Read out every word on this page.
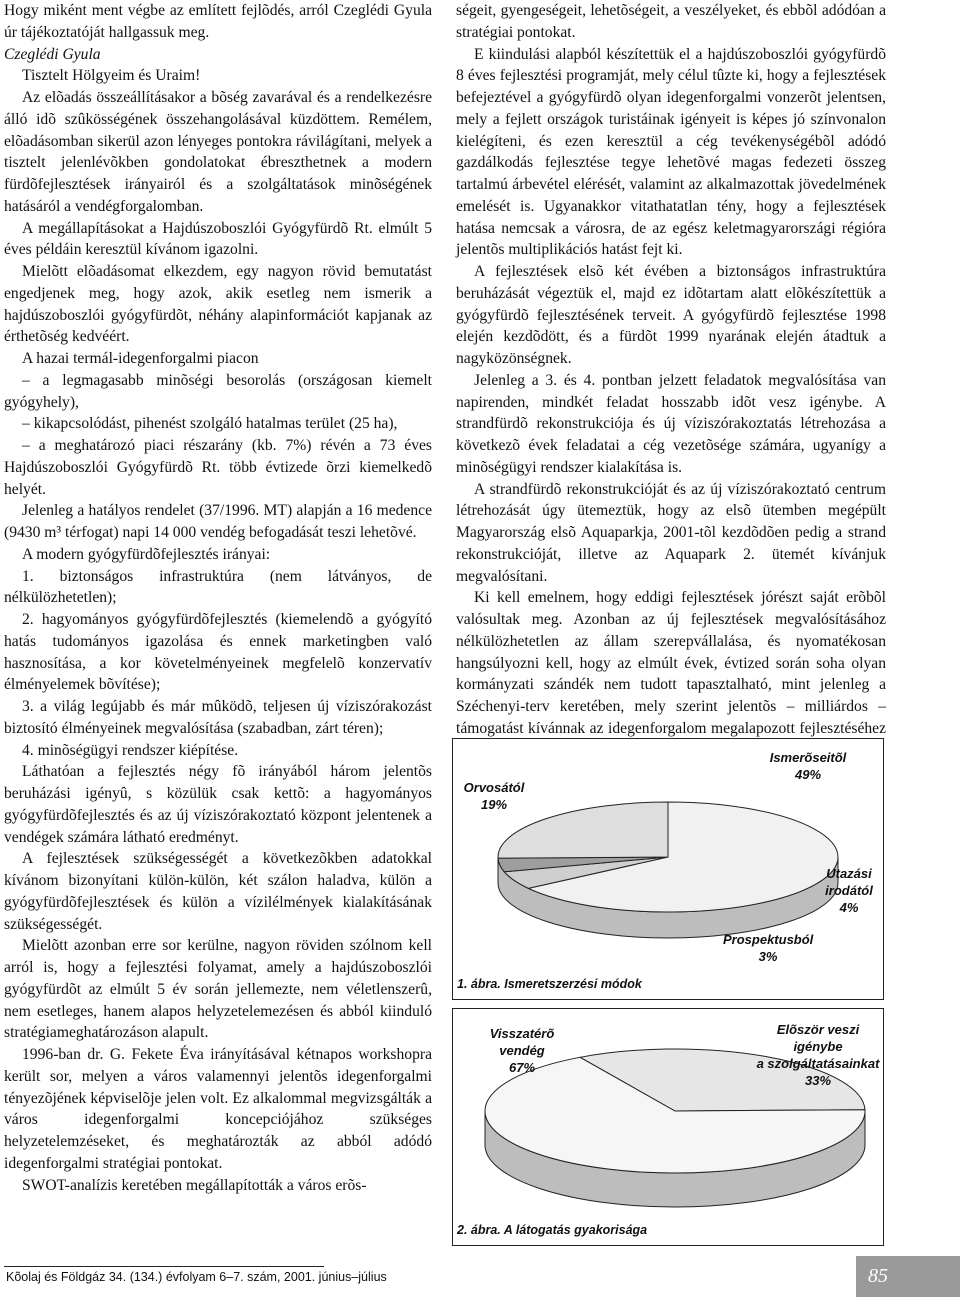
Hogy miként ment végbe az említett fejlõdés, arról Czeglédi Gyula úr tájékoztatóját hallgassuk meg.

Czeglédi Gyula

Tisztelt Hölgyeim és Uraim!

Az elõadás összeállításakor a bõség zavarával és a rendelkezésre álló idõ szûkösségének összehangolásával küzdöttem. Remélem, elõadásomban sikerül azon lényeges pontokra rávilágítani, melyek a tisztelt jelenlévõkben gondolatokat ébreszthetnek a modern fürdõfejlesztések irányairól és a szolgáltatások minõségének hatásáról a vendégforgalomban.

A megállapításokat a Hajdúszoboszlói Gyógyfürdõ Rt. elmúlt 5 éves példáin keresztül kívánom igazolni.

Mielõtt elõadásomat elkezdem, egy nagyon rövid bemutatást engedjenek meg, hogy azok, akik esetleg nem ismerik a hajdúszoboszlói gyógyfürdõt, néhány alapinformációt kapjanak az érthetõség kedvéért.

A hazai termál-idegenforgalmi piacon

– a legmagasabb minõségi besorolás (országosan kiemelt gyógyhely),

– kikapcsolódást, pihenést szolgáló hatalmas terület (25 ha),

– a meghatározó piaci részarány (kb. 7%) révén a 73 éves Hajdúszoboszlói Gyógyfürdõ Rt. több évtizede õrzi kiemelkedõ helyét.

Jelenleg a hatályos rendelet (37/1996. MT) alapján a 16 medence (9430 m³ térfogat) napi 14 000 vendég befogadását teszi lehetõvé.

A modern gyógyfürdõfejlesztés irányai:

1. biztonságos infrastruktúra (nem látványos, de nélkülözhetetlen);

2. hagyományos gyógyfürdõfejlesztés (kiemelendõ a gyógyító hatás tudományos igazolása és ennek marketingben való hasznosítása, a kor követelményeinek megfelelõ konzervatív élményelemek bõvítése);

3. a világ legújabb és már mûködõ, teljesen új víziszórakozást biztosító élményeinek megvalósítása (szabadban, zárt téren);

4. minõségügyi rendszer kiépítése.

Láthatóan a fejlesztés négy fõ irányából három jelentõs beruházási igényû, s közülük csak kettõ: a hagyományos gyógyfürdõfejlesztés és az új víziszórakoztató központ jelentenek a vendégek számára látható eredményt.

A fejlesztések szükségességét a következõkben adatokkal kívánom bizonyítani külön-külön, két szálon haladva, külön a gyógyfürdõfejlesztések és külön a vízilélmények kialakításának szükségességét.

Mielõtt azonban erre sor kerülne, nagyon röviden szólnom kell arról is, hogy a fejlesztési folyamat, amely a hajdúszoboszlói gyógyfürdõt az elmúlt 5 év során jellemezte, nem véletlenszerû, nem esetleges, hanem alapos helyzetelemezésen és abból kiinduló stratégiameghatározáson alapult.

1996-ban dr. G. Fekete Éva irányításával kétnapos workshopra került sor, melyen a város valamennyi jelentõs idegenforgalmi tényezõjének képviselõje jelen volt. Ez alkalommal megvizsgálták a város idegenforgalmi koncepciójához szükséges helyzetelemzéseket, és meghatározták az abból adódó idegenforgalmi stratégiai pontokat.

SWOT-analízis keretében megállapították a város erõs-

ségeit, gyengeségeit, lehetõségeit, a veszélyeket, és ebbõl adódóan a stratégiai pontokat.

E kiindulási alapból készítettük el a hajdúszoboszlói gyógyfürdõ 8 éves fejlesztési programját, mely célul tûzte ki, hogy a fejlesztések befejeztével a gyógyfürdõ olyan idegenforgalmi vonzerõt jelentsen, mely a fejlett országok turistáinak igényeit is képes jó színvonalon kielégíteni, és ezen keresztül a cég tevékenységébõl adódó gazdálkodás fejlesztése tegye lehetõvé magas fedezeti összeg tartalmú árbevétel elérését, valamint az alkalmazottak jövedelmének emelését is. Ugyanakkor vitathatatlan tény, hogy a fejlesztések hatása nemcsak a városra, de az egész keletmagyarországi régióra jelentõs multiplikációs hatást fejt ki.

A fejlesztések elsõ két évében a biztonságos infrastruktúra beruházását végeztük el, majd ez idõtartam alatt elõkészítettük a gyógyfürdõ fejlesztésének terveit. A gyógyfürdõ fejlesztése 1998 elején kezdõdött, és a fürdõt 1999 nyarának elején átadtuk a nagyközönségnek.

Jelenleg a 3. és 4. pontban jelzett feladatok megvalósítása van napirenden, mindkét feladat hosszabb idõt vesz igénybe. A strandfürdõ rekonstrukciója és új víziszórakoztatás létrehozása a következõ évek feladatai a cég vezetõsége számára, ugyanígy a minõségügyi rendszer kialakítása is.

A strandfürdõ rekonstrukcióját és az új víziszórakoztató centrum létrehozását úgy ütemeztük, hogy az elsõ ütemben megépült Magyarország elsõ Aquaparkja, 2001-tõl kezdõdõen pedig a strand rekonstrukcióját, illetve az Aquapark 2. ütemét kívánjuk megvalósítani.

Ki kell emelnem, hogy eddigi fejlesztések jórészt saját erõbõl valósultak meg. Azonban az új fejlesztések megvalósításához nélkülözhetetlen az állam szerepvállalása, és nyomatékosan hangsúlyozni kell, hogy az elmúlt évek, évtized során soha olyan kormányzati szándék nem tudott tapasztalható, mint jelenleg a Széchenyi-terv keretében, mely szerint jelentõs – milliárdos – támogatást kívánnak az idegenforgalom megalapozott fejlesztéséhez

Orvosától
19%
Ismerõseitõl
49%
Utazási
irodától
4%
Prospektusból
3%
1. ábra. Ismeretszerzési módok
Visszatérõ vendég
67%
Elõször veszi igénybe
a szolgáltatásainkat
33%
2. ábra. A látogatás gyakorisága
Kõolaj és Földgáz 34. (134.) évfolyam 6–7. szám, 2001. június–július	85
